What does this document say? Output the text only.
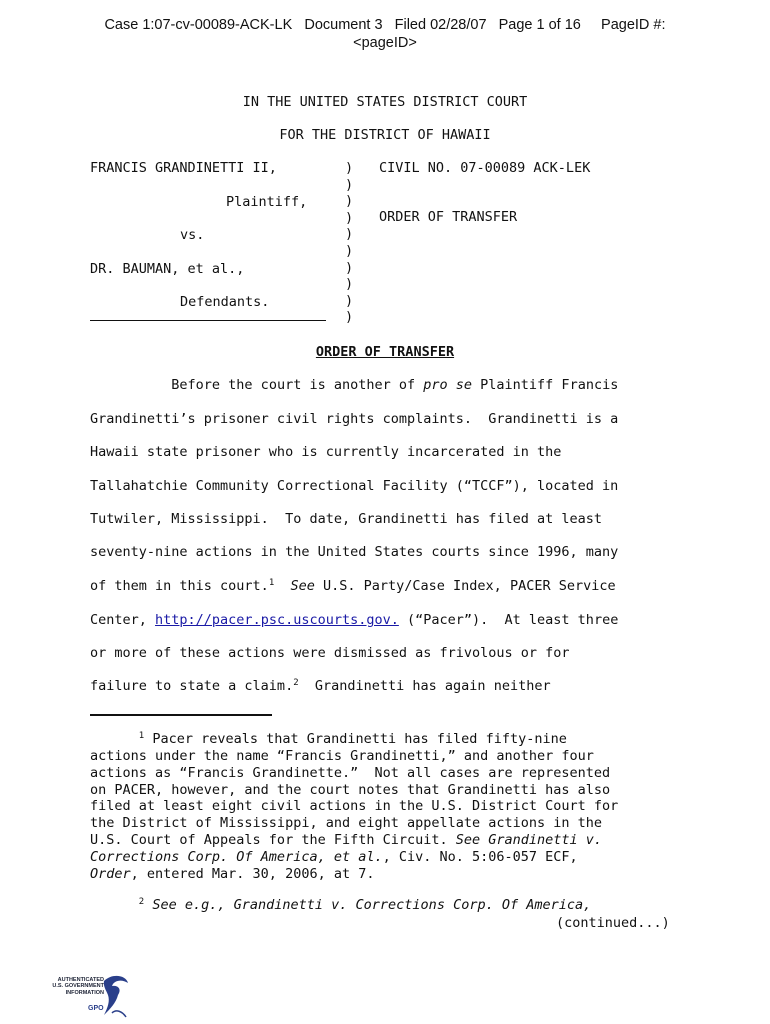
Case 1:07-cv-00089-ACK-LK Document 3 Filed 02/28/07 Page 1 of 16 PageID #:
<pageID>
IN THE UNITED STATES DISTRICT COURT
FOR THE DISTRICT OF HAWAII
FRANCIS GRANDINETTI II,
Plaintiff,
vs.
DR. BAUMAN, et al.,
Defendants.
)
)
)
)
)
)
)
)
)
)
CIVIL NO. 07-00089 ACK-LEK
ORDER OF TRANSFER
ORDER OF TRANSFER
Before the court is another of pro se Plaintiff Francis
Grandinetti’s prisoner civil rights complaints.  Grandinetti is a
Hawaii state prisoner who is currently incarcerated in the
Tallahatchie Community Correctional Facility (“TCCF”), located in
Tutwiler, Mississippi.  To date, Grandinetti has filed at least
seventy-nine actions in the United States courts since 1996, many
of them in this court.$^1$  See U.S. Party/Case Index, PACER Service
Center, http://pacer.psc.uscourts.gov. (“Pacer”).  At least three
or more of these actions were dismissed as frivolous or for
failure to state a claim.$^2$  Grandinetti has again neither
$^1$ Pacer reveals that Grandinetti has filed fifty-nine
actions under the name “Francis Grandinetti,” and another four
actions as “Francis Grandinette.”  Not all cases are represented
on PACER, however, and the court notes that Grandinetti has also
filed at least eight civil actions in the U.S. District Court for
the District of Mississippi, and eight appellate actions in the
U.S. Court of Appeals for the Fifth Circuit. See Grandinetti v.
Corrections Corp. Of America, et al., Civ. No. 5:06-057 ECF,
Order, entered Mar. 30, 2006, at 7.
$^2$ See e.g., Grandinetti v. Corrections Corp. Of America,
(continued...)
AUTHENTICATED
U.S. GOVERNMENT
INFORMATION
GPO
